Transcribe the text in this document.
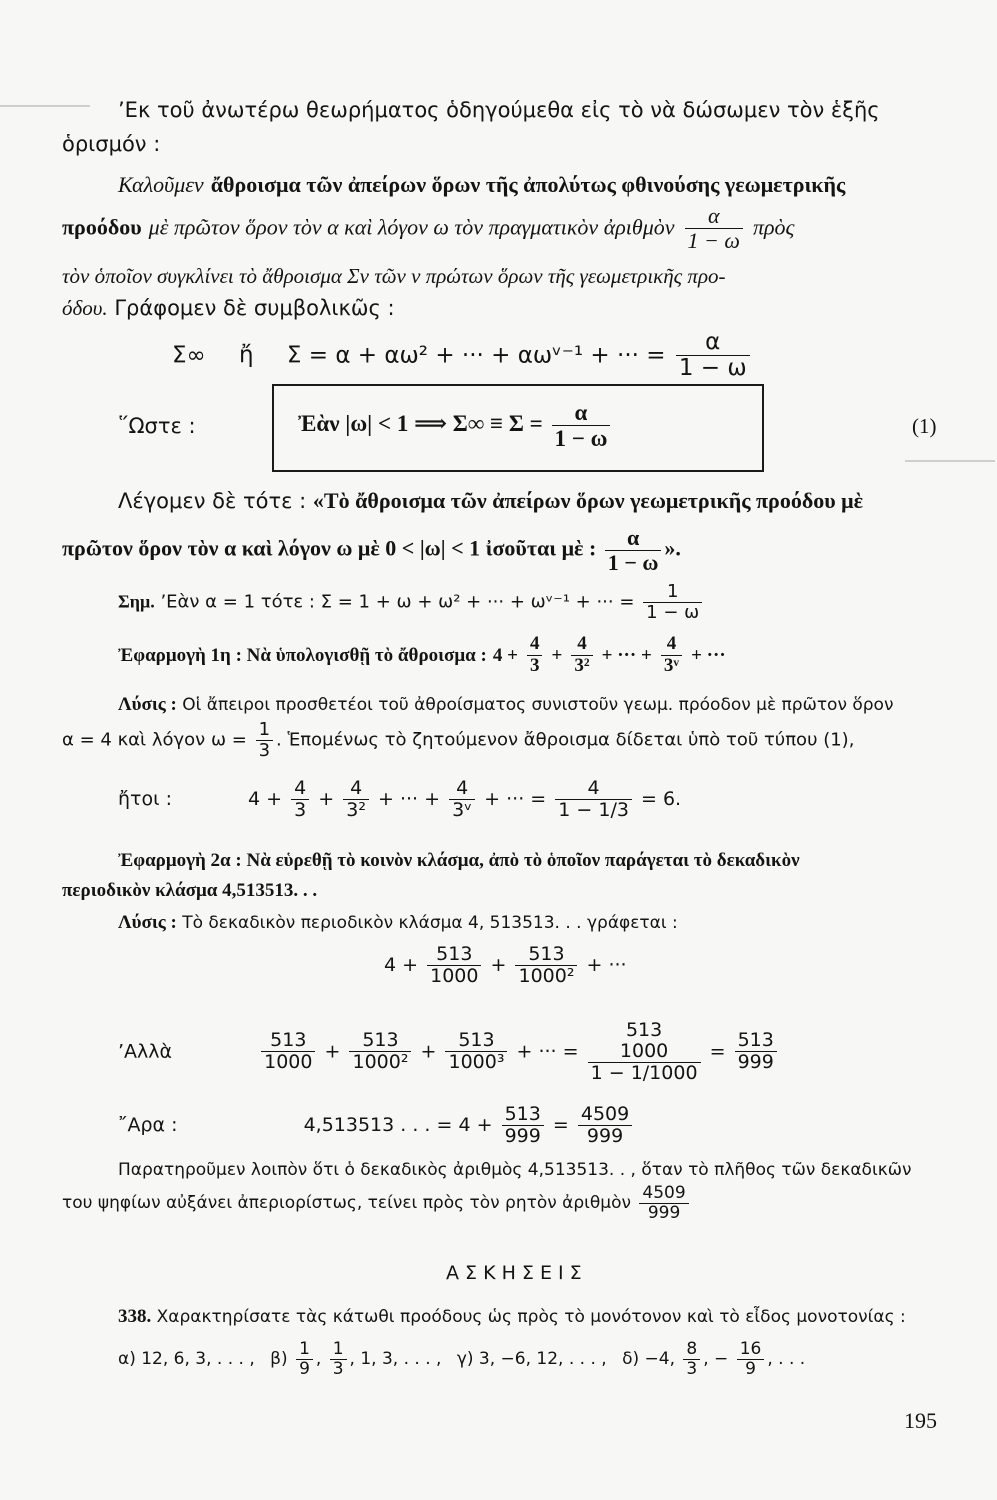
’Εκ τοῦ ἀνωτέρω θεωρήματος ὁδηγούμεθα εἰς τὸ νὰ δώσωμεν τὸν ἑξῆς
ὁρισμόν :
Καλοῦμεν ἄθροισμα τῶν ἀπείρων ὅρων τῆς ἀπολύτως φθινούσης γεωμετρικῆς
προόδου μὲ πρῶτον ὅρον τὸν α καὶ λόγον ω τὸν πραγματικὸν ἀριθμὸν $\frac{\alpha}{1 - \omega}$ πρὸς
τὸν ὁποῖον συγκλίνει τὸ ἄθροισμα Σν τῶν ν πρώτων ὅρων τῆς γεωμετρικῆς προ-
όδου. Γράφομεν δὲ συμβολικῶς :
Σ∞ ἤ Σ = α + αω² + ··· + αωᵛ⁻¹ + ··· = $\frac{\alpha}{1 - \omega}$
῞Ωστε :	Ἐὰν |ω| < 1 ⟹ $\Sigma\infty \equiv \Sigma = \frac{\alpha}{1 - \omega}$	(1)
Λέγομεν δὲ τότε : «Τὸ ἄθροισμα τῶν ἀπείρων ὅρων γεωμετρικῆς προόδου μὲ
πρῶτον ὅρον τὸν α καὶ λόγον ω μὲ 0 < |ω| < 1 ἰσοῦται μὲ : $\frac{\alpha}{1 - \omega}$ ».
Σημ. ’Εὰν α = 1 τότε : Σ = 1 + ω + ω² + ··· + ωᵛ⁻¹ + ··· = $\frac{1}{1 - \omega}$
Ἐφαρμογὴ 1η : Νὰ ὑπολογισθῇ τὸ ἄθροισμα : $4 + \frac{4}{3} + \frac{4}{\text{3²}}$ + ··· + $\frac{4}{\text{3ᵛ}}$ + ···
Λύσις : Οἱ ἄπειροι προσθετέοι τοῦ ἀθροίσματος συνιστοῦν γεωμ. πρόοδον μὲ πρῶτον ὅρον
α = 4 καὶ λόγον $\omega = \frac{1}{3}$ . Ἑπομένως τὸ ζητούμενον ἄθροισμα δίδεται ὑπὸ τοῦ τύπου (1),
ἤτοι :	$4 + \frac{4}{3} + \frac{4}{\text{3²}}$ + ··· + $\frac{4}{\text{3ᵛ}}$ + ··· = $\frac{4}{1 - 1/3} = 6$.
Ἐφαρμογὴ 2α : Νὰ εὑρεθῇ τὸ κοινὸν κλάσμα, ἀπὸ τὸ ὁποῖον παράγεται τὸ δεκαδικὸν
περιοδικὸν κλάσμα 4,513513. . .
Λύσις : Τὸ δεκαδικὸν περιοδικὸν κλάσμα 4, 513513. . . γράφεται :
$4 + \frac{513}{1000} + \frac{513}{\text{1000²}}$ + ···
’Αλλὰ	$\frac{513}{1000} + \frac{513}{\text{1000²}} + \frac{513}{\text{1000³}}$ + ··· =
513
1000
1 − 1/1000
= $\frac{513}{999}$
῎Αρα :	4,513513 . . . = $4 + \frac{513}{999} = \frac{4509}{999}$
Παρατηροῦμεν λοιπὸν ὅτι ὁ δεκαδικὸς ἀριθμὸς 4,513513. . , ὅταν τὸ πλῆθος τῶν δεκαδικῶν
του ψηφίων αὐξάνει ἀπεριορίστως, τείνει πρὸς τὸν ρητὸν ἀριθμὸν $\frac{4509}{999}$
Α Σ Κ Η Σ Ε Ι Σ
338. Χαρακτηρίσατε τὰς κάτωθι προόδους ὡς πρὸς τὸ μονότονον καὶ τὸ εἶδος μονοτονίας :
α) 12, 6, 3, . . . , $\beta) \frac{1}{9}$ , $\frac{1}{3}$ , 1, 3, . . . , γ) 3, −6, 12, . . . , δ) −4, $\frac{8}{3}$ , − $\frac{16}{9}$ , . . .
195
